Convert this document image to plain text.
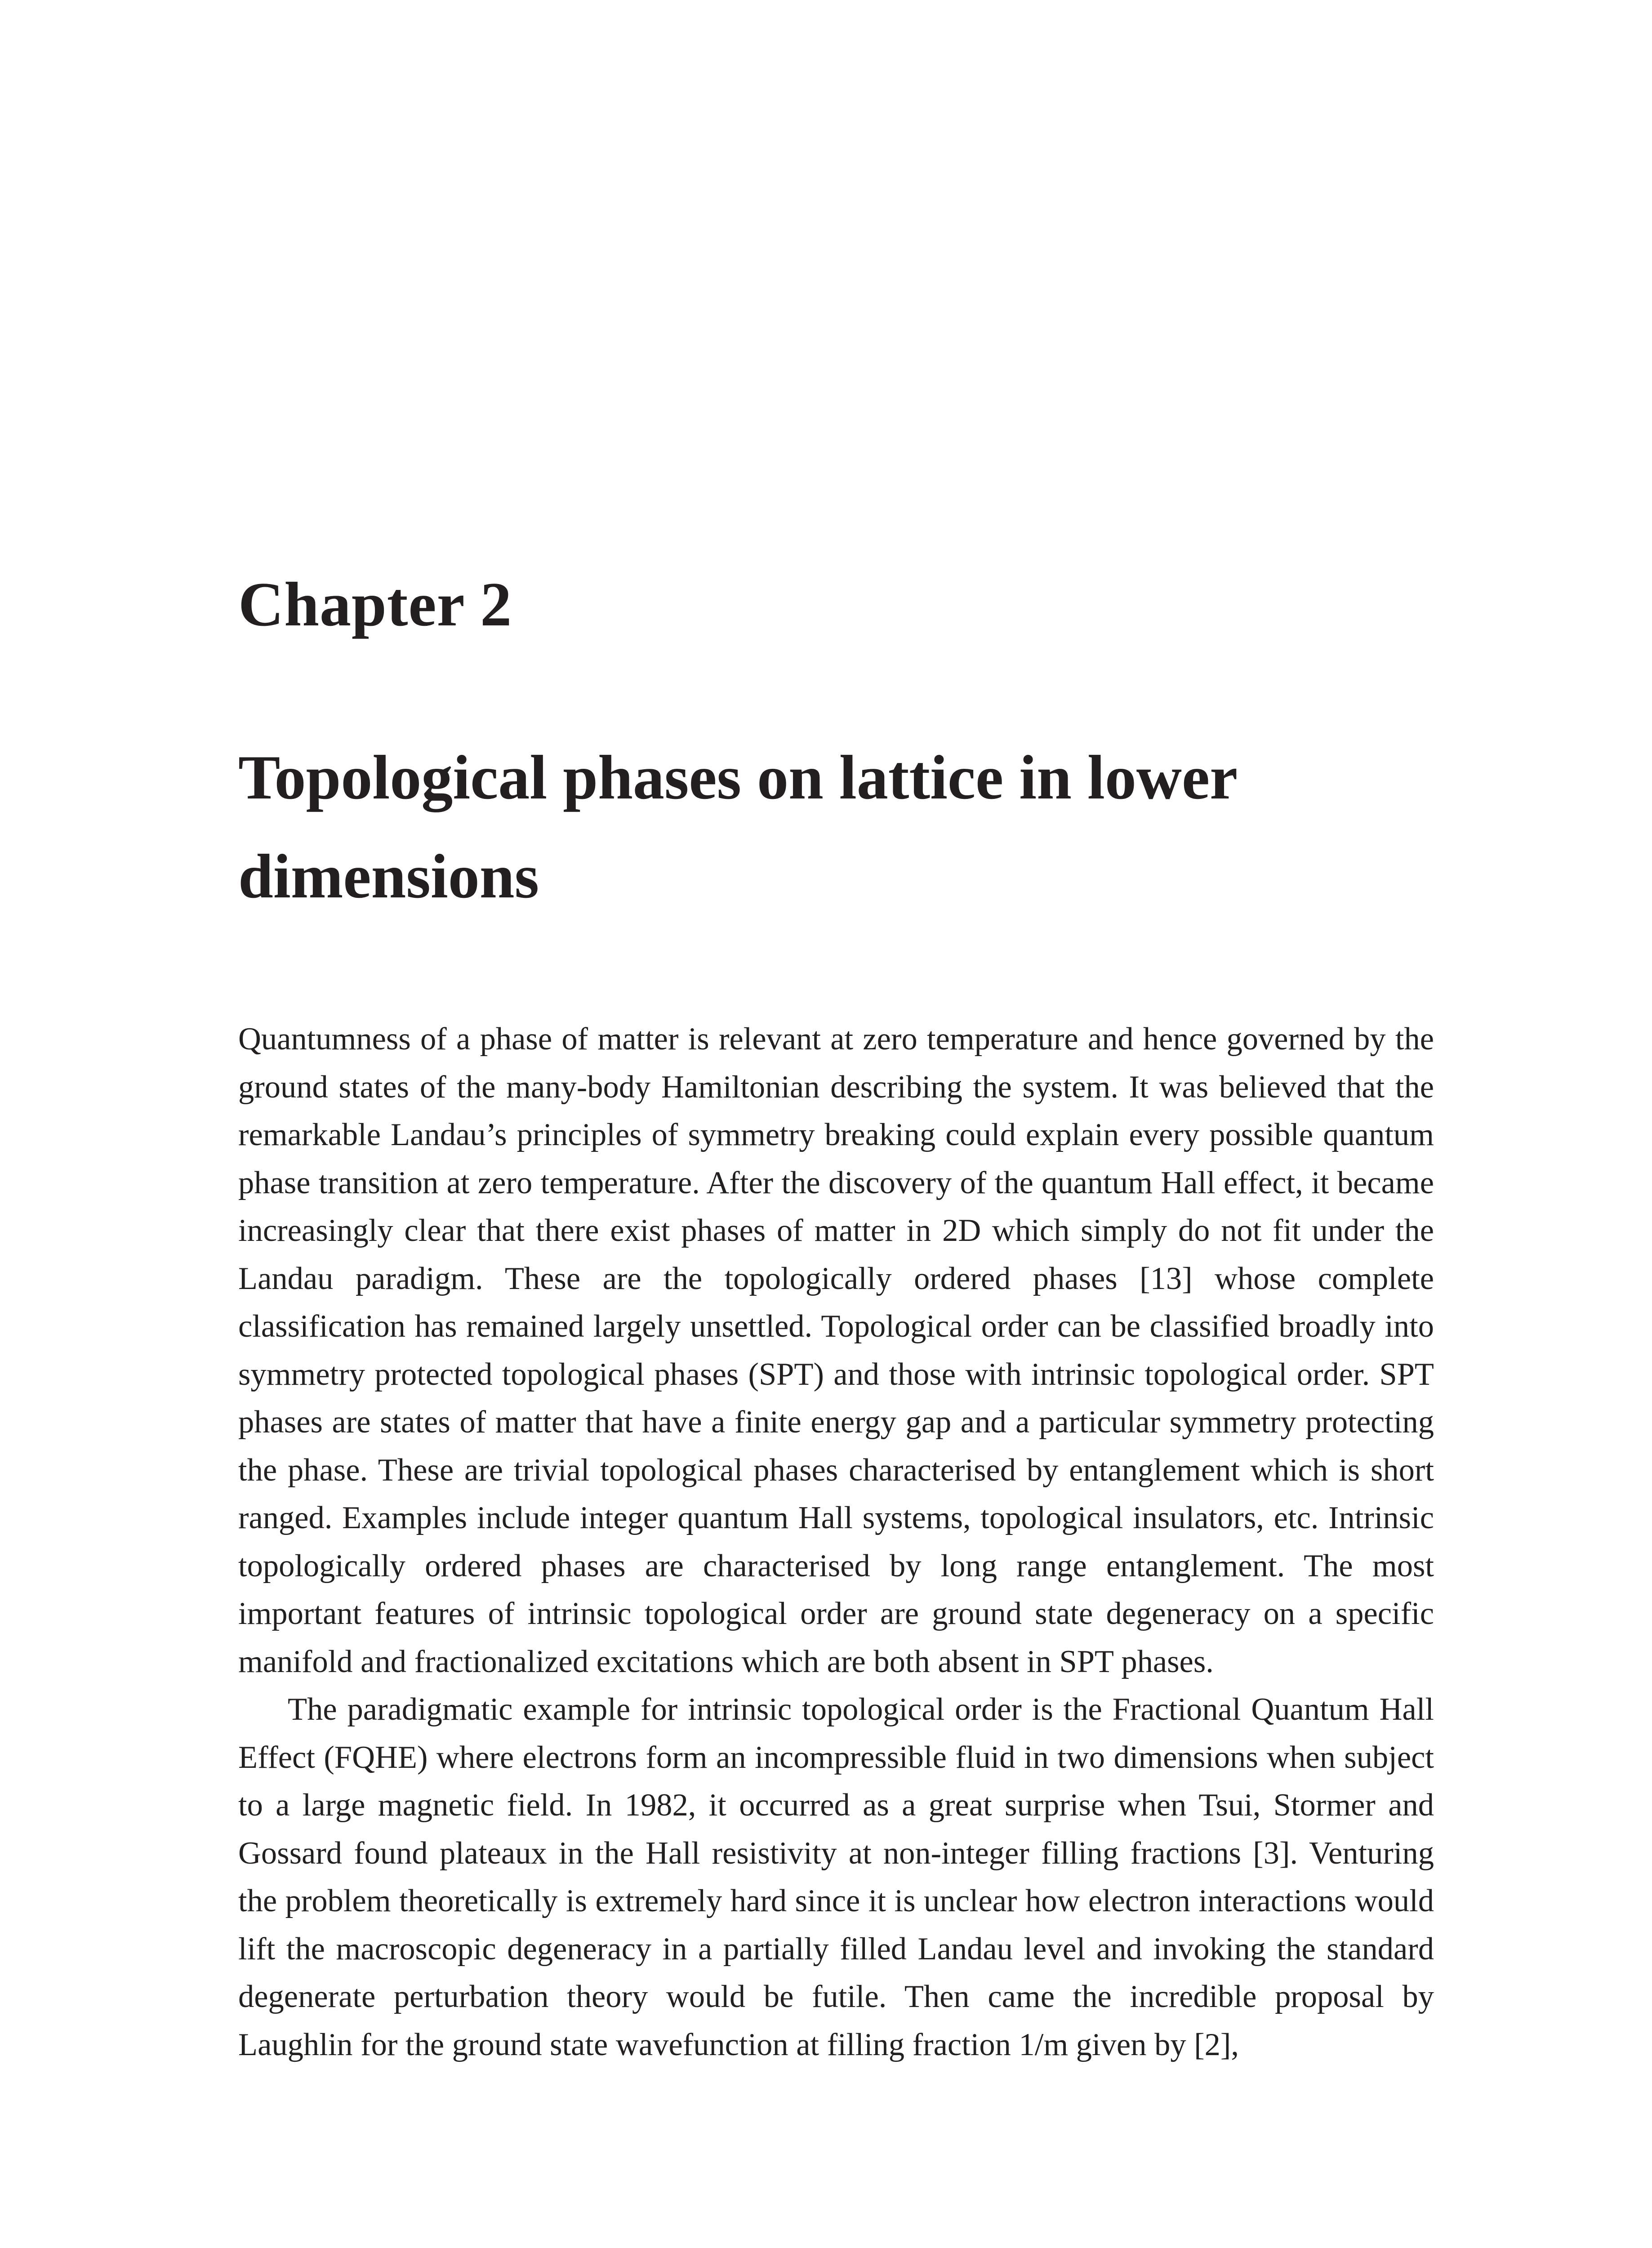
Chapter 2
Topological phases on lattice in lower dimensions

Quantumness of a phase of matter is relevant at zero temperature and hence governed by the ground states of the many-body Hamiltonian describing the system. It was believed that the remarkable Landau’s principles of symmetry breaking could explain every possible quantum phase transition at zero temperature. After the discovery of the quantum Hall effect, it became increasingly clear that there exist phases of matter in 2D which simply do not fit under the Landau paradigm. These are the topologically ordered phases [13] whose complete classification has remained largely unsettled. Topological order can be classified broadly into symmetry protected topological phases (SPT) and those with intrinsic topological order. SPT phases are states of matter that have a finite energy gap and a particular symmetry protecting the phase. These are trivial topological phases characterised by entanglement which is short ranged. Examples include integer quantum Hall systems, topological insulators, etc. Intrinsic topologically ordered phases are characterised by long range entanglement. The most important features of intrinsic topological order are ground state degeneracy on a specific manifold and fractionalized excitations which are both absent in SPT phases.

The paradigmatic example for intrinsic topological order is the Fractional Quantum Hall Effect (FQHE) where electrons form an incompressible fluid in two dimensions when subject to a large magnetic field. In 1982, it occurred as a great surprise when Tsui, Stormer and Gossard found plateaux in the Hall resistivity at non-integer filling fractions [3]. Venturing the problem theoretically is extremely hard since it is unclear how electron interactions would lift the macroscopic degeneracy in a partially filled Landau level and invoking the standard degenerate perturbation theory would be futile. Then came the incredible proposal by Laughlin for the ground state wavefunction at filling fraction 1/m given by [2],
